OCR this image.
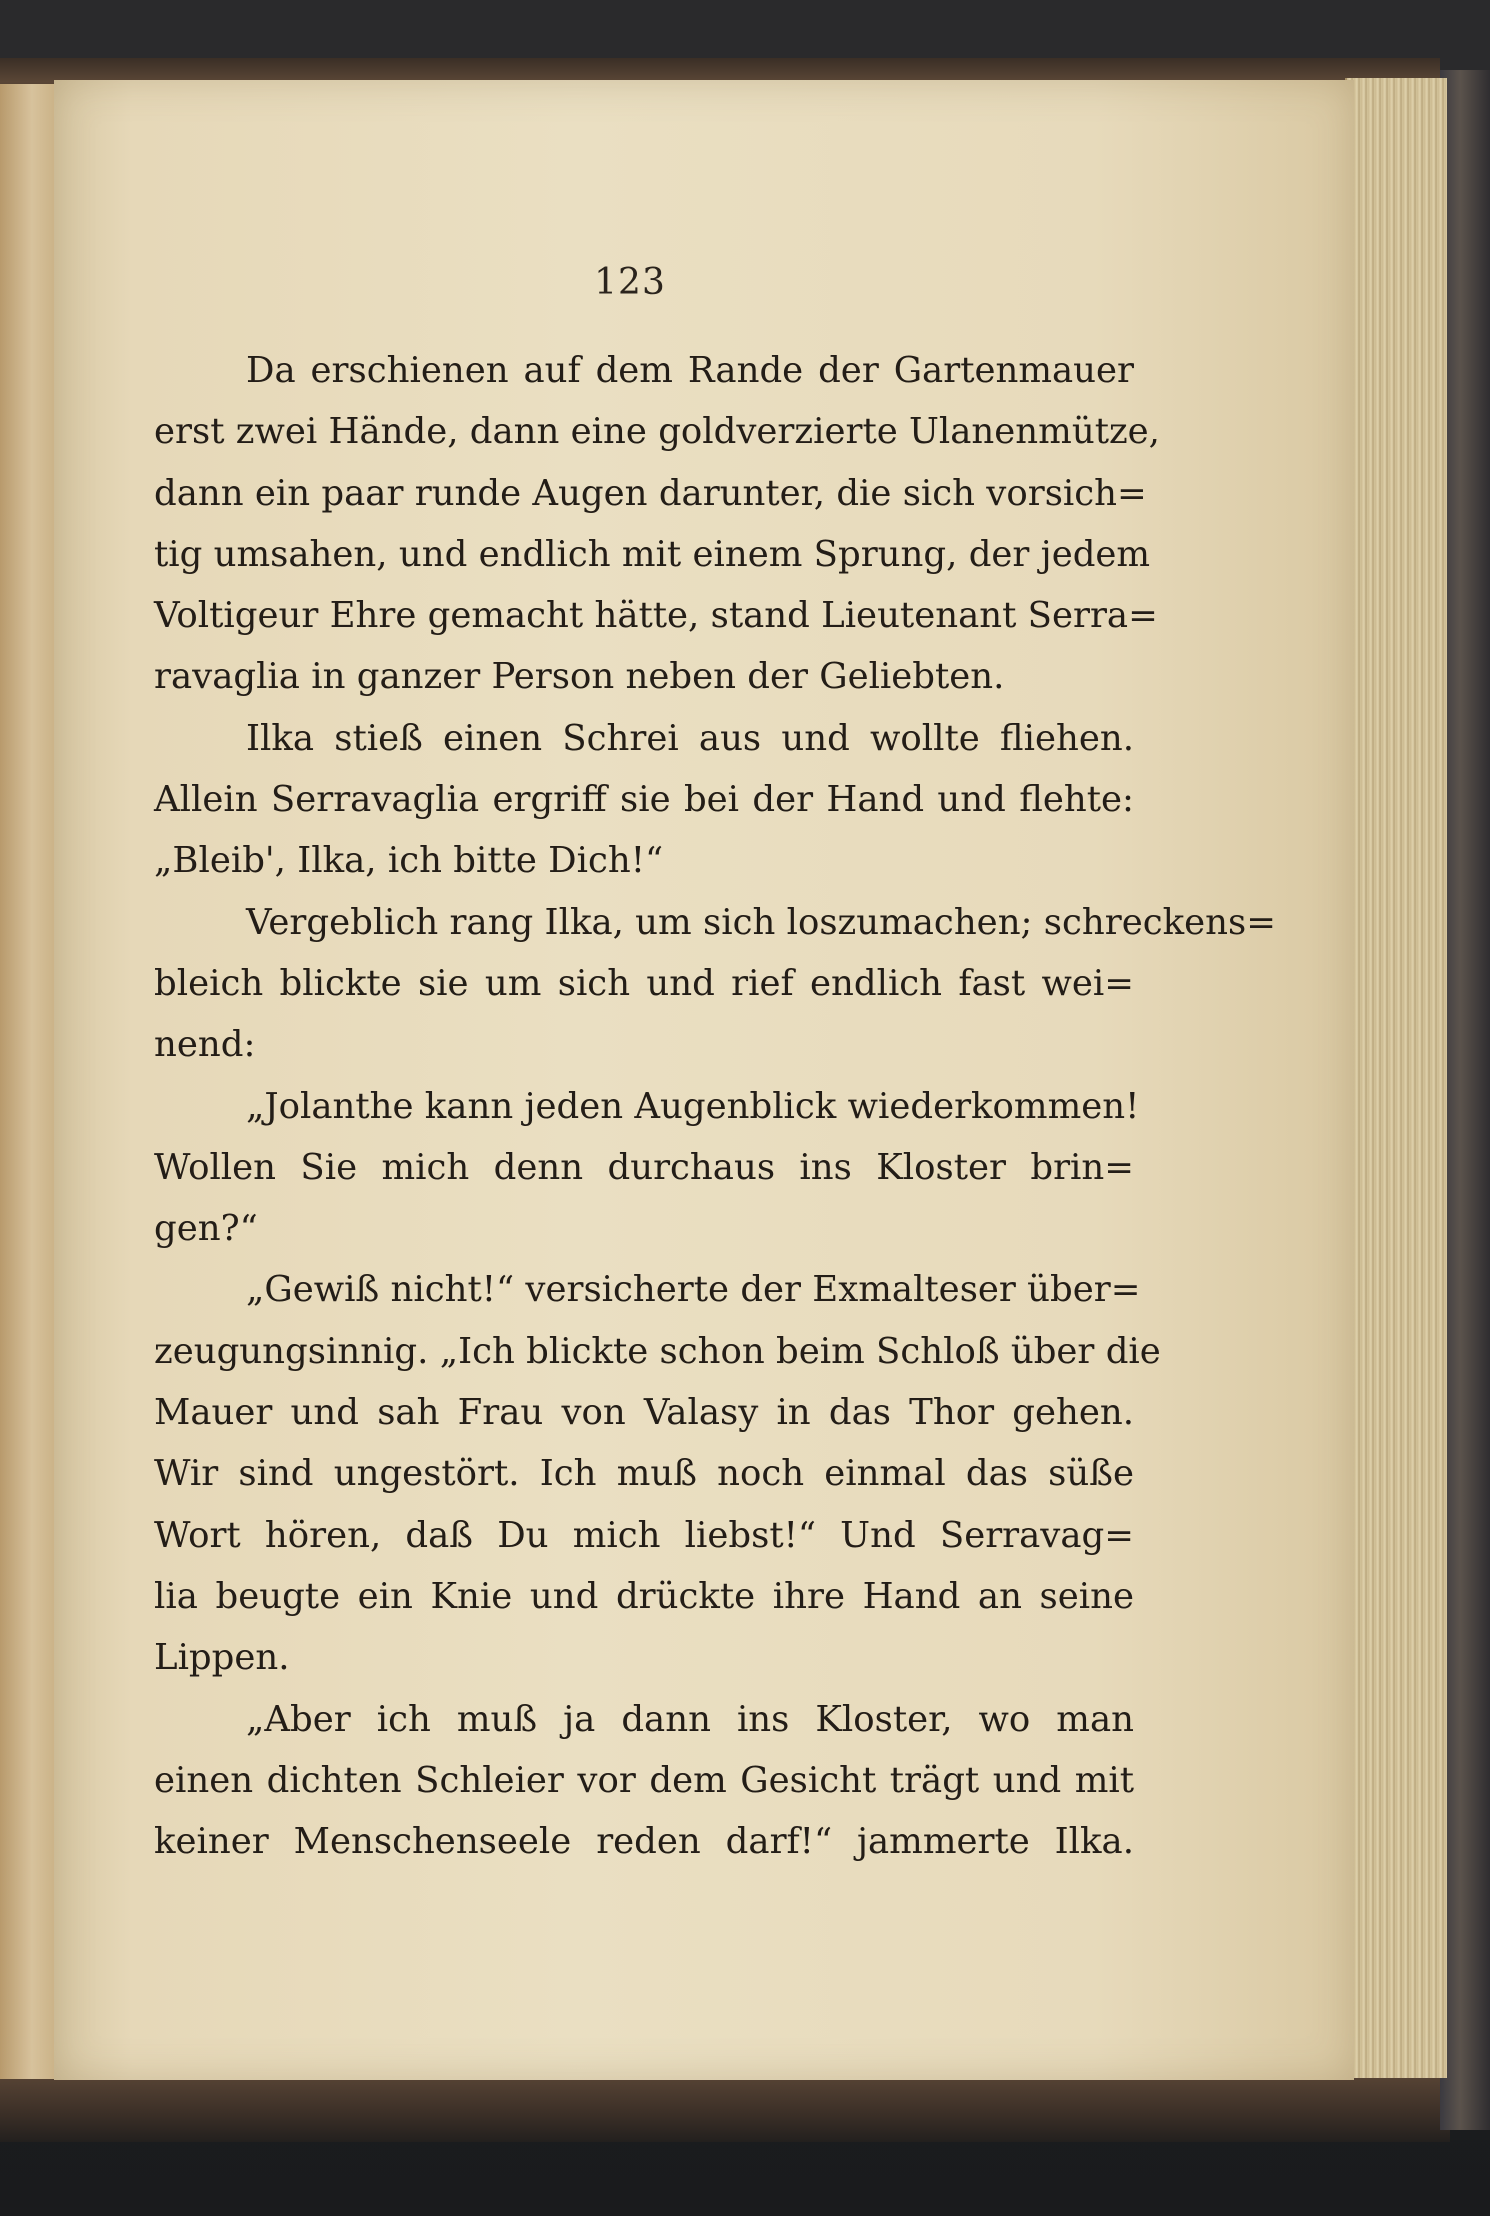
123
Da erschienen auf dem Rande der Gartenmauer
erst zwei Hände, dann eine goldverzierte Ulanenmütze,
dann ein paar runde Augen darunter, die sich vorsich=
tig umsahen, und endlich mit einem Sprung, der jedem
Voltigeur Ehre gemacht hätte, stand Lieutenant Serra=
ravaglia in ganzer Person neben der Geliebten.
Ilka stieß einen Schrei aus und wollte fliehen.
Allein Serravaglia ergriff sie bei der Hand und flehte:
„Bleib', Ilka, ich bitte Dich!“
Vergeblich rang Ilka, um sich loszumachen; schreckens=
bleich blickte sie um sich und rief endlich fast wei=
nend:
„Jolanthe kann jeden Augenblick wiederkommen!
Wollen Sie mich denn durchaus ins Kloster brin=
gen?“
„Gewiß nicht!“ versicherte der Exmalteser über=
zeugungsinnig. „Ich blickte schon beim Schloß über die
Mauer und sah Frau von Valasy in das Thor gehen.
Wir sind ungestört. Ich muß noch einmal das süße
Wort hören, daß Du mich liebst!“ Und Serravag=
lia beugte ein Knie und drückte ihre Hand an seine
Lippen.
„Aber ich muß ja dann ins Kloster, wo man
einen dichten Schleier vor dem Gesicht trägt und mit
keiner Menschenseele reden darf!“ jammerte Ilka.
